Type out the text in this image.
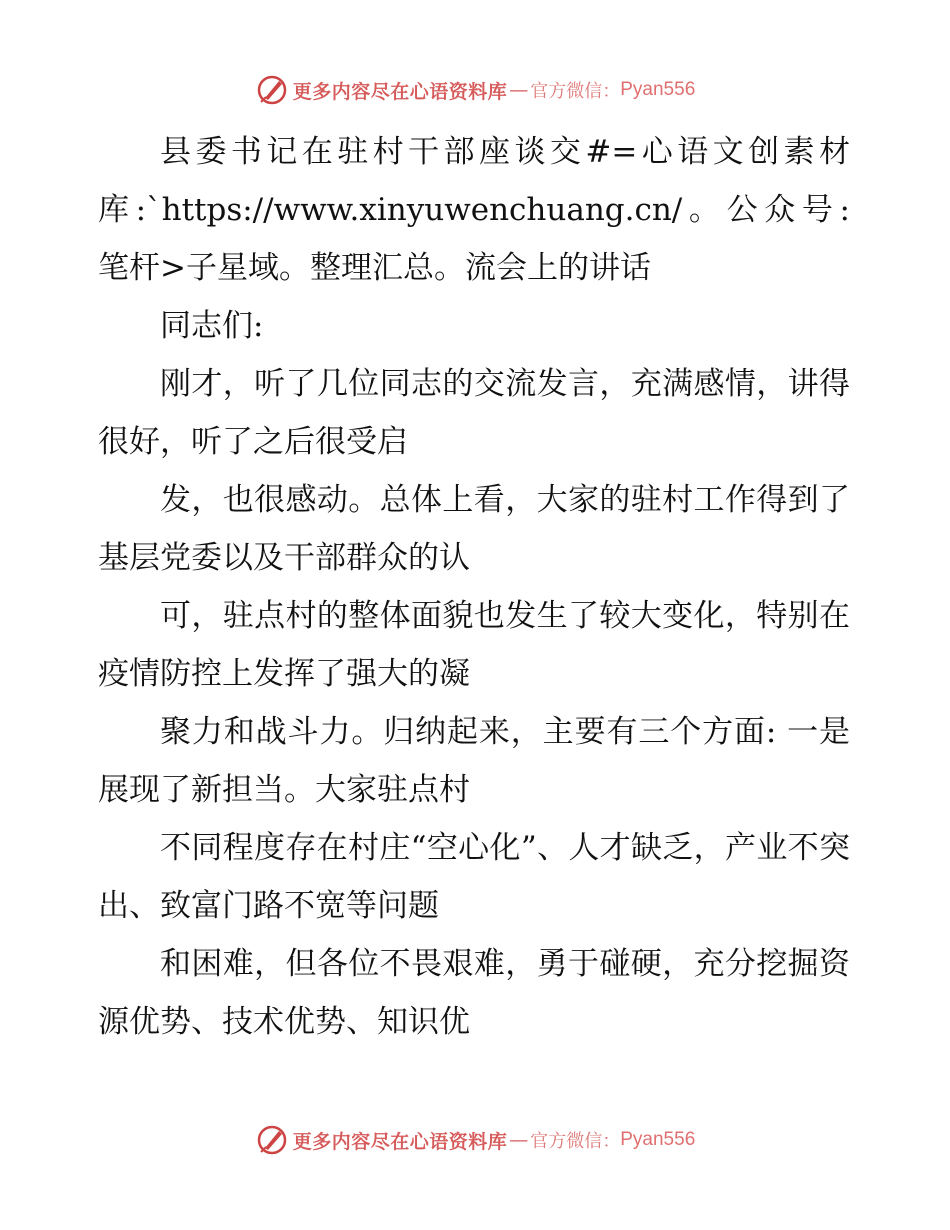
更多内容尽在心语资料库 — 官方微信： Pyan556

县委书记在驻村干部座谈交#=心语文创素材库:`https://www.xinyuwenchuang.cn/。公众号: 笔杆>子星域。整理汇总。流会上的讲话

同志们:

刚才，听了几位同志的交流发言，充满感情，讲得很好，听了之后很受启

发，也很感动。总体上看，大家的驻村工作得到了基层党委以及干部群众的认

可，驻点村的整体面貌也发生了较大变化，特别在疫情防控上发挥了强大的凝

聚力和战斗力。归纳起来，主要有三个方面: 一是展现了新担当。大家驻点村

不同程度存在村庄“空心化”、人才缺乏，产业不突出、致富门路不宽等问题

和困难，但各位不畏艰难，勇于碰硬，充分挖掘资源优势、技术优势、知识优

更多内容尽在心语资料库 — 官方微信： Pyan556
